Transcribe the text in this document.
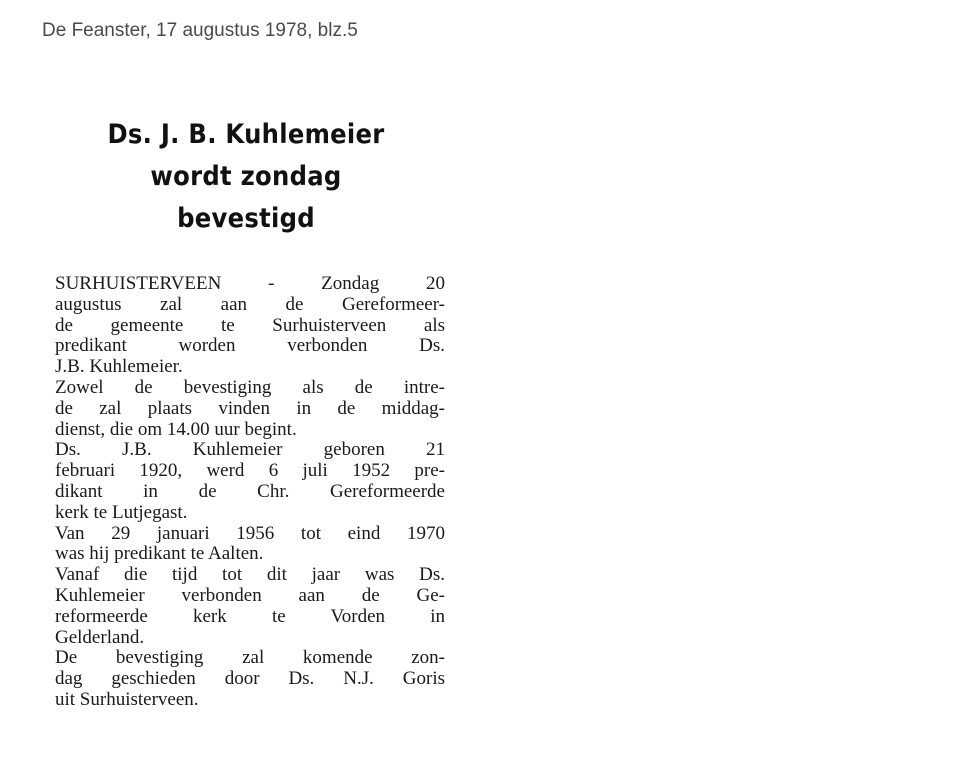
De Feanster, 17 augustus 1978, blz.5
Ds. J. B. Kuhlemeier
wordt zondag
bevestigd
SURHUISTERVEEN - Zondag 20
augustus zal aan de Gereformeer-
de gemeente te Surhuisterveen als
predikant worden verbonden Ds.
J.B. Kuhlemeier.
Zowel de bevestiging als de intre-
de zal plaats vinden in de middag-
dienst, die om 14.00 uur begint.
Ds. J.B. Kuhlemeier geboren 21
februari 1920, werd 6 juli 1952 pre-
dikant in de Chr. Gereformeerde
kerk te Lutjegast.
Van 29 januari 1956 tot eind 1970
was hij predikant te Aalten.
Vanaf die tijd tot dit jaar was Ds.
Kuhlemeier verbonden aan de Ge-
reformeerde kerk te Vorden in
Gelderland.
De bevestiging zal komende zon-
dag geschieden door Ds. N.J. Goris
uit Surhuisterveen.
